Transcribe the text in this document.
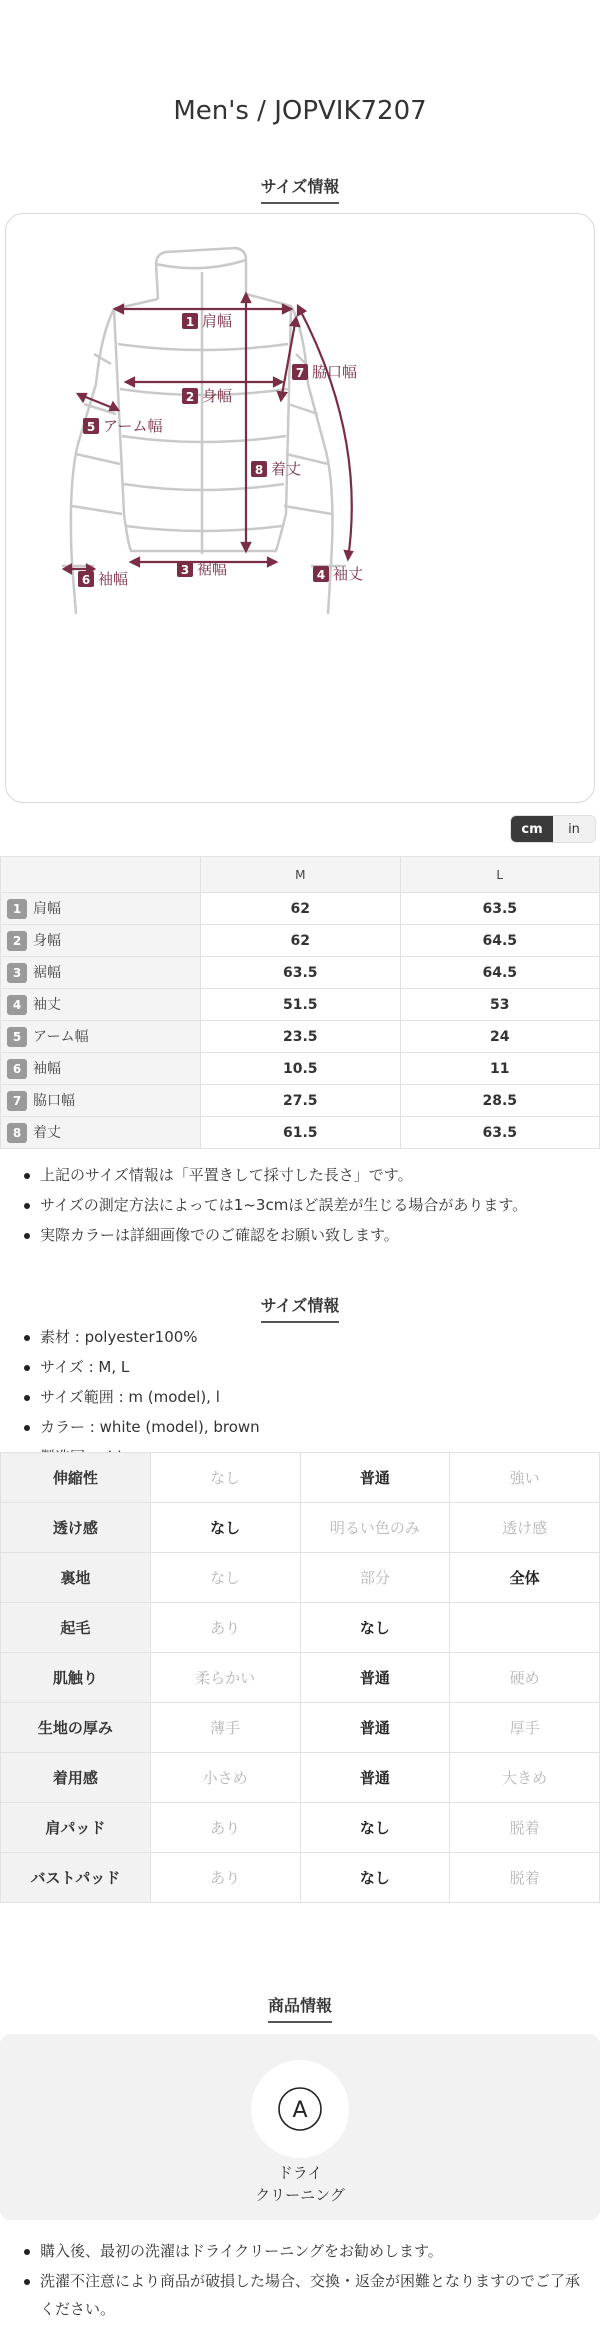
Men's / JOPVIK7207
サイズ情報
1 肩幅
2 身幅
3 裾幅	4 袖丈
5 アーム幅
6 袖幅
7 脇口幅
8 着丈
cm	in
	M	L
1 肩幅	62	63.5
2 身幅	62	64.5
3 裾幅	63.5	64.5
4 袖丈	51.5	53
5 アーム幅	23.5	24
6 袖幅	10.5	11
7 脇口幅	27.5	28.5
8 着丈	61.5	63.5
上記のサイズ情報は「平置きして採寸した長さ」です。
サイズの測定方法によっては1~3cmほど誤差が生じる場合があります。
実際カラーは詳細画像でのご確認をお願い致します。
サイズ情報
素材 : polyester100%
サイズ : M, L
サイズ範囲 : m (model), l
カラー : white (model), brown
伸縮性	なし	普通	強い
透け感	なし	明るい色のみ	透け感
裏地	なし	部分	全体
起毛	あり	なし	
肌触り	柔らかい	普通	硬め
生地の厚み	薄手	普通	厚手
着用感	小さめ	普通	大きめ
肩パッド	あり	なし	脱着
バストパッド	あり	なし	脱着
商品情報
A
ドライ
クリーニング
購入後、最初の洗濯はドライクリーニングをお勧めします。
洗濯不注意により商品が破損した場合、交換・返金が困難となりますのでご了承ください。
